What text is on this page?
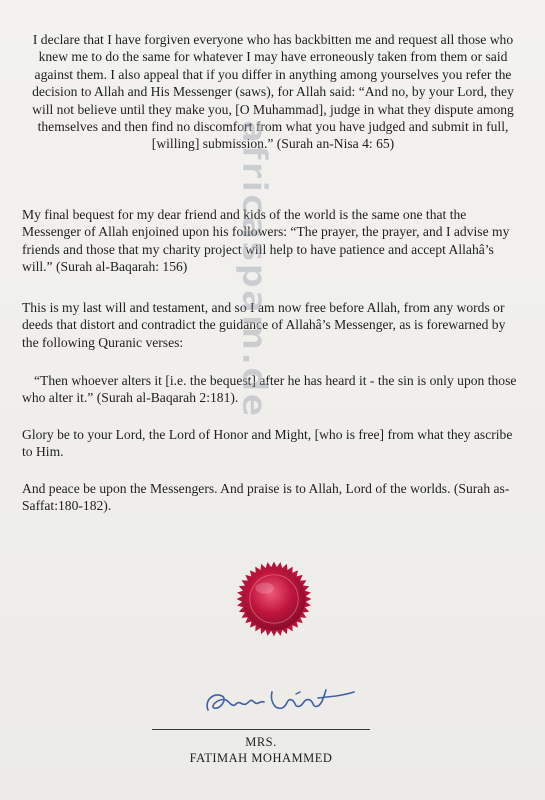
I declare that I have forgiven everyone who has backbitten me and request all those who knew me to do the same for whatever I may have erroneously taken from them or said against them. I also appeal that if you differ in anything among yourselves you refer the decision to Allah and His Messenger (saws), for Allah said: “And no, by your Lord, they will not believe until they make you, [O Muhammad], judge in what they dispute among themselves and then find no discomfort from what you have judged and submit in full, [willing] submission.” (Surah an-Nisa 4: 65)

My final bequest for my dear friend and kids of the world is the same one that the Messenger of Allah enjoined upon his followers: “The prayer, the prayer, and I advise my friends and those that my charity project will help to have patience and accept Allahâ’s will.” (Surah al-Baqarah: 156)

This is my last will and testament, and so I am now free before Allah, from any words or deeds that distort and contradict the guidance of Allahâ’s Messenger, as is forewarned by the following Quranic verses:

“Then whoever alters it [i.e. the bequest] after he has heard it - the sin is only upon those who alter it.” (Surah al-Baqarah 2:181).

Glory be to your Lord, the Lord of Honor and Might, [who is free] from what they ascribe to Him.

And peace be upon the Messengers. And praise is to Allah, Lord of the worlds. (Surah as-Saffat:180-182).

africaspam.de
MRS.
FATIMAH MOHAMMED
